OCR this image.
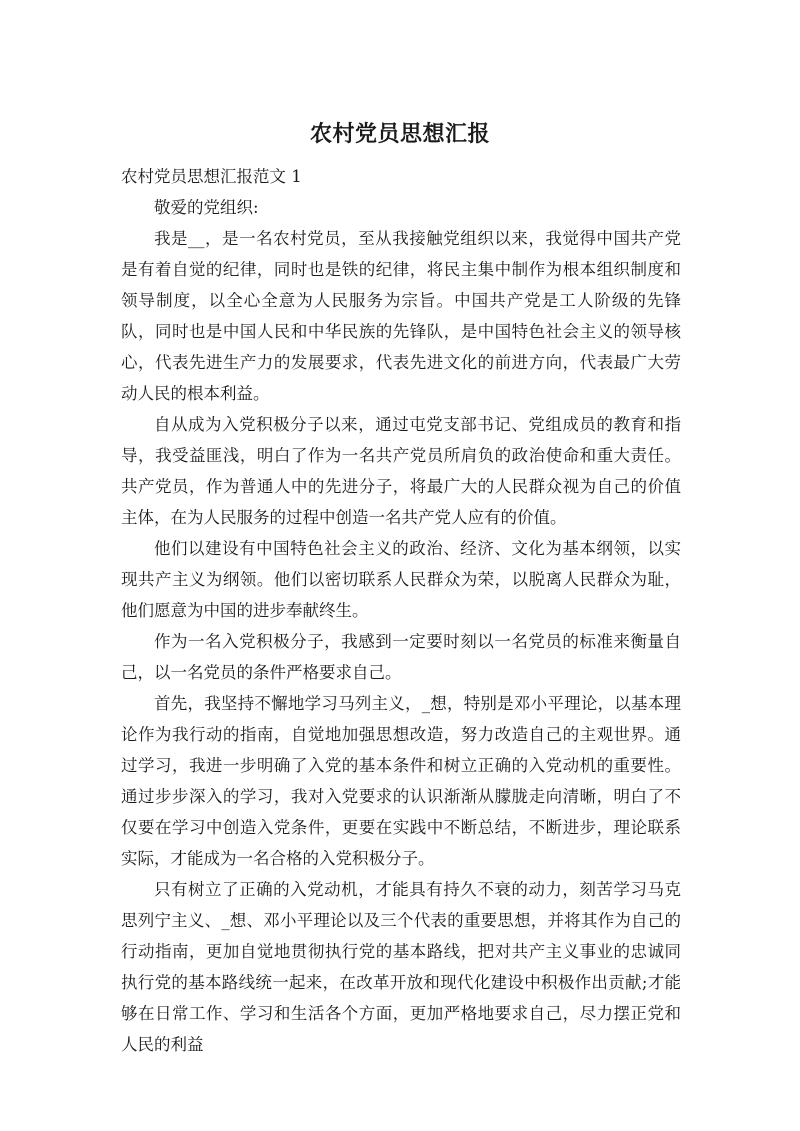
农村党员思想汇报

农村党员思想汇报范文 1

敬爱的党组织:

我是__，是一名农村党员，至从我接触党组织以来，我觉得中国共产党是有着自觉的纪律，同时也是铁的纪律，将民主集中制作为根本组织制度和领导制度，以全心全意为人民服务为宗旨。中国共产党是工人阶级的先锋队，同时也是中国人民和中华民族的先锋队，是中国特色社会主义的领导核心，代表先进生产力的发展要求，代表先进文化的前进方向，代表最广大劳动人民的根本利益。

自从成为入党积极分子以来，通过屯党支部书记、党组成员的教育和指导，我受益匪浅，明白了作为一名共产党员所肩负的政治使命和重大责任。共产党员，作为普通人中的先进分子，将最广大的人民群众视为自己的价值主体，在为人民服务的过程中创造一名共产党人应有的价值。

他们以建设有中国特色社会主义的政治、经济、文化为基本纲领，以实现共产主义为纲领。他们以密切联系人民群众为荣，以脱离人民群众为耻，他们愿意为中国的进步奉献终生。

作为一名入党积极分子，我感到一定要时刻以一名党员的标准来衡量自己，以一名党员的条件严格要求自己。

首先，我坚持不懈地学习马列主义，_想，特别是邓小平理论，以基本理论作为我行动的指南，自觉地加强思想改造，努力改造自己的主观世界。通过学习，我进一步明确了入党的基本条件和树立正确的入党动机的重要性。通过步步深入的学习，我对入党要求的认识渐渐从朦胧走向清晰，明白了不仅要在学习中创造入党条件，更要在实践中不断总结，不断进步，理论联系实际，才能成为一名合格的入党积极分子。

只有树立了正确的入党动机，才能具有持久不衰的动力，刻苦学习马克思列宁主义、_想、邓小平理论以及三个代表的重要思想，并将其作为自己的行动指南，更加自觉地贯彻执行党的基本路线，把对共产主义事业的忠诚同执行党的基本路线统一起来，在改革开放和现代化建设中积极作出贡献;才能够在日常工作、学习和生活各个方面，更加严格地要求自己，尽力摆正党和人民的利益
